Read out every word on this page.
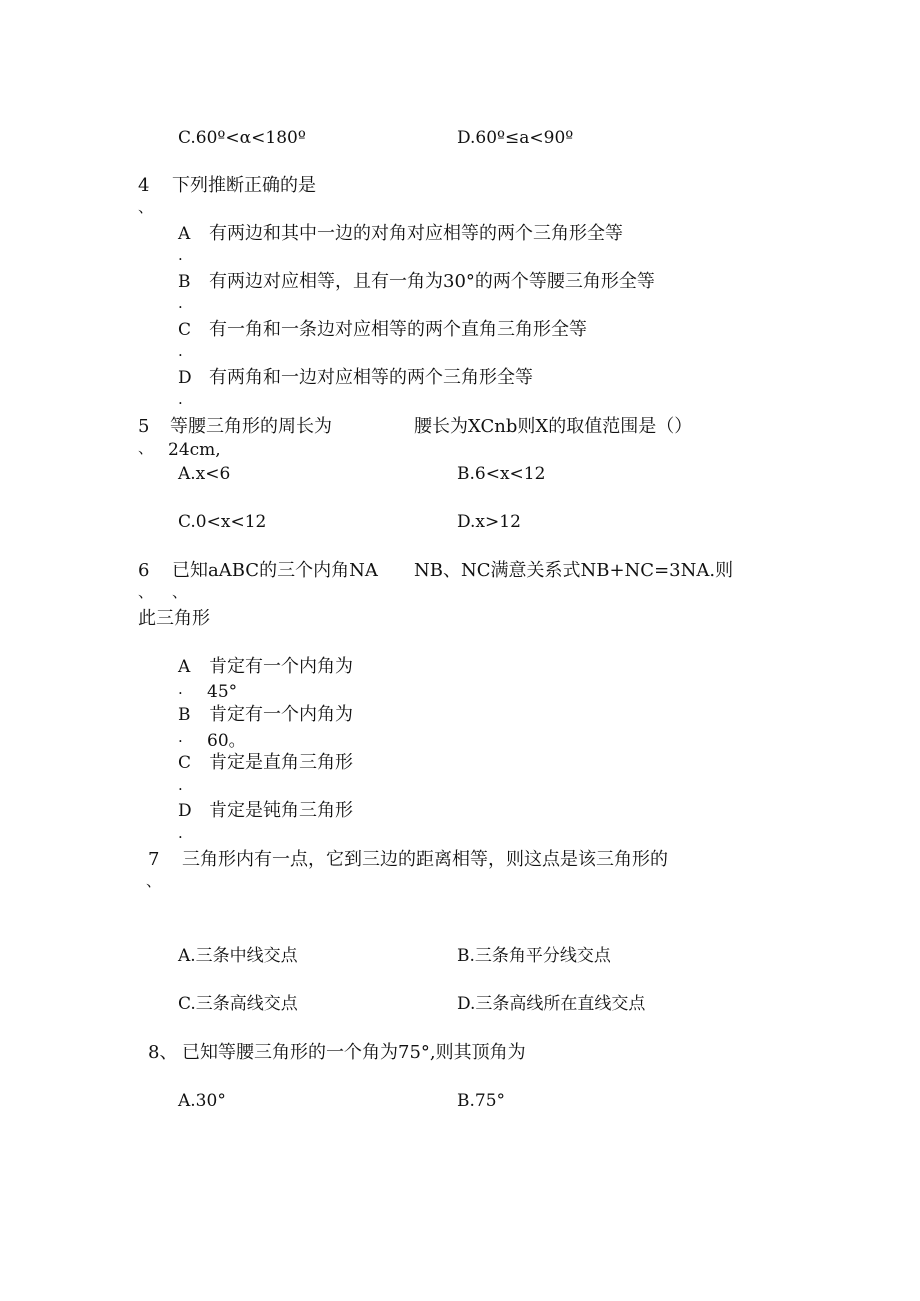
C.60º<α<180º	D.60º≤a<90º
4
、
下列推断正确的是
A
.
有两边和其中一边的对角对应相等的两个三角形全等
B
.
有两边对应相等，且有一角为30°的两个等腰三角形全等
C
.
有一角和一条边对应相等的两个直角三角形全等
D
.
有两角和一边对应相等的两个三角形全等
5
、
等腰三角形的周长为
24cm,
腰长为XCnb则X的取值范围是（）
A.x<6	B.6<x<12
C.0<x<12	D.x>12
6
、
已知aABC的三个内角NA
、
NB、NC满意关系式NB+NC=3NA.则
此三角形
A
.
肯定有一个内角为
45°
B
.
肯定有一个内角为
60。
C
.
肯定是直角三角形
D
.
肯定是钝角三角形
7
、
三角形内有一点，它到三边的距离相等，则这点是该三角形的
A.三条中线交点	B.三条角平分线交点
C.三条高线交点	D.三条高线所在直线交点
8、 已知等腰三角形的一个角为75°,则其顶角为
A.30°	B.75°
